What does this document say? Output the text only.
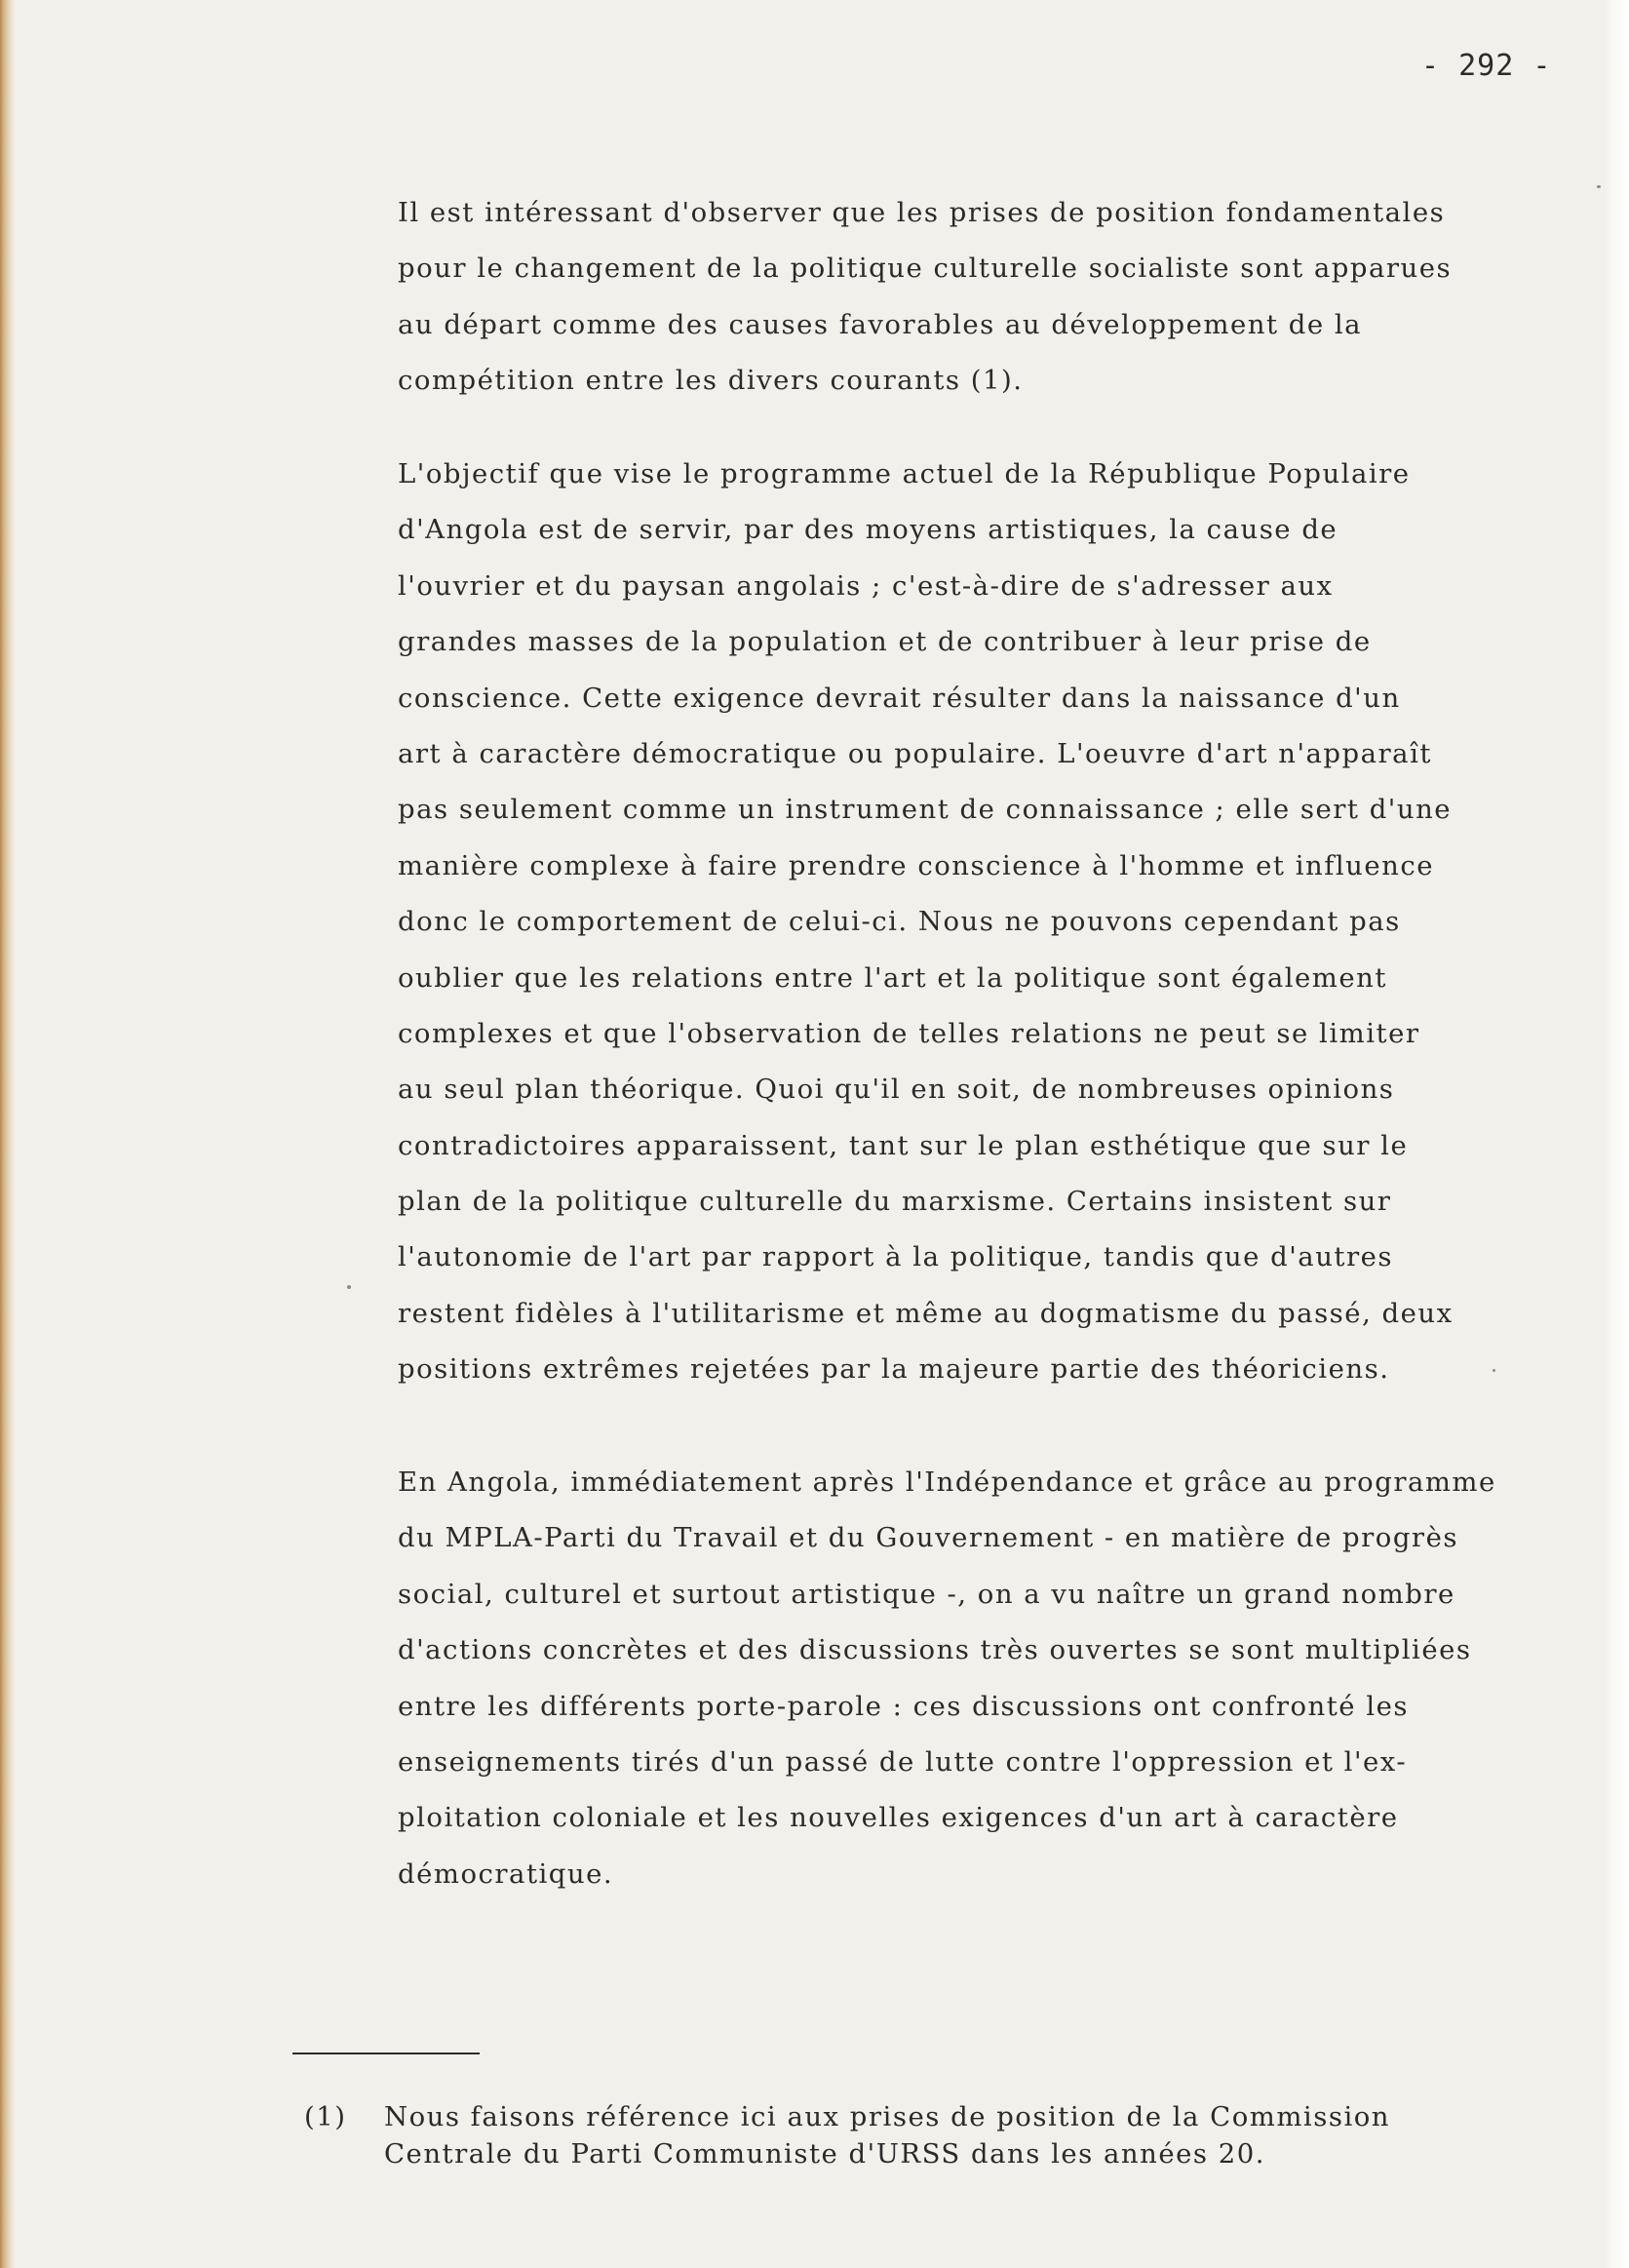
- 292 -

Il est intéressant d'observer que les prises de position fondamentales

pour le changement de la politique culturelle socialiste sont apparues

au départ comme des causes favorables au développement de la

compétition entre les divers courants (1).

L'objectif que vise le programme actuel de la République Populaire

d'Angola est de servir, par des moyens artistiques, la cause de

l'ouvrier et du paysan angolais ; c'est-à-dire de s'adresser aux

grandes masses de la population et de contribuer à leur prise de

conscience. Cette exigence devrait résulter dans la naissance d'un

art à caractère démocratique ou populaire. L'oeuvre d'art n'apparaît

pas seulement comme un instrument de connaissance ; elle sert d'une

manière complexe à faire prendre conscience à l'homme et influence

donc le comportement de celui-ci. Nous ne pouvons cependant pas

oublier que les relations entre l'art et la politique sont également

complexes et que l'observation de telles relations ne peut se limiter

au seul plan théorique. Quoi qu'il en soit, de nombreuses opinions

contradictoires apparaissent, tant sur le plan esthétique que sur le

plan de la politique culturelle du marxisme. Certains insistent sur

l'autonomie de l'art par rapport à la politique, tandis que d'autres

restent fidèles à l'utilitarisme et même au dogmatisme du passé, deux

positions extrêmes rejetées par la majeure partie des théoriciens.

En Angola, immédiatement après l'Indépendance et grâce au programme

du MPLA-Parti du Travail et du Gouvernement - en matière de progrès

social, culturel et surtout artistique -, on a vu naître un grand nombre

d'actions concrètes et des discussions très ouvertes se sont multipliées

entre les différents porte-parole : ces discussions ont confronté les

enseignements tirés d'un passé de lutte contre l'oppression et l'ex-

ploitation coloniale et les nouvelles exigences d'un art à caractère

démocratique.

(1) Nous faisons référence ici aux prises de position de la Commission

Centrale du Parti Communiste d'URSS dans les années 20.
